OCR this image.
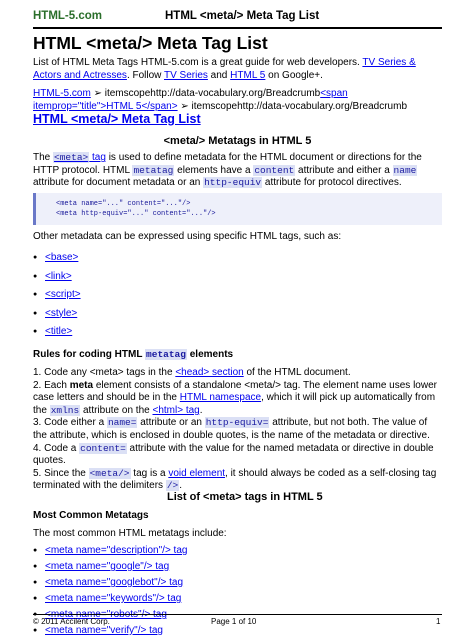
HTML-5.com	HTML <meta/> Meta Tag List
HTML <meta/> Meta Tag List
List of HTML Meta Tags HTML-5.com is a great guide for web developers. TV Series & Actors and Actresses. Follow TV Series and HTML 5 on Google+.
HTML-5.com ➢ itemscopehttp://data-vocabulary.org/Breadcrumb<span
itemprop="title">HTML 5</span> ➢ itemscopehttp://data-vocabulary.org/Breadcrumb
HTML <meta/> Meta Tag List
<meta/> Metatags in HTML 5
The <meta> tag is used to define metadata for the HTML document or directions for the HTTP protocol. HTML metatag elements have a content attribute and either a name attribute for document metadata or an http-equiv attribute for protocol directives.
<meta name="..." content="..."/>
<meta http-equiv="..." content="..."/>
Other metadata can be expressed using specific HTML tags, such as:
● <base>
● <link>
● <script>
● <style>
● <title>
Rules for coding HTML metatag elements
1. Code any <meta> tags in the <head> section of the HTML document.
2. Each meta element consists of a standalone <meta/> tag. The element name uses lower case letters and should be in the HTML namespace, which it will pick up automatically from the xmlns attribute on the <html> tag.
3. Code either a name= attribute or an http-equiv= attribute, but not both. The value of the attribute, which is enclosed in double quotes, is the name of the metadata or directive.
4. Code a content= attribute with the value for the named metadata or directive in double quotes.
5. Since the <meta/> tag is a void element, it should always be coded as a self-closing tag terminated with the delimiters />.
List of <meta> tags in HTML 5
Most Common Metatags
The most common HTML metatags include:
● <meta name="description"/> tag
● <meta name="google"/> tag
● <meta name="googlebot"/> tag
● <meta name="keywords"/> tag
● <meta name="robots"/> tag
● <meta name="verify"/> tag
© 2011 Accilent Corp.	Page 1 of 10	1
